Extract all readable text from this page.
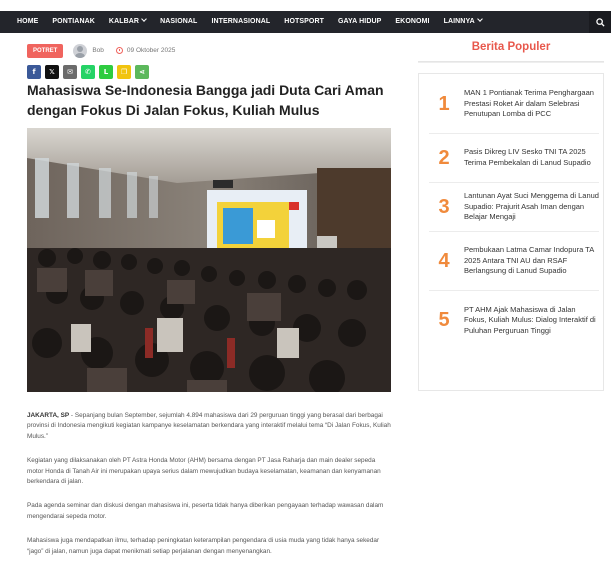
HOME	PONTIANAK	KALBAR	NASIONAL	INTERNASIONAL	HOTSPORT	GAYA HIDUP	EKONOMI	LAINNYA
POTRET	Bob	09 Oktober 2025
f 𝕏 ✉ ✆ L ❐ ⋖
Mahasiswa Se-Indonesia Bangga jadi Duta Cari Aman dengan Fokus Di Jalan Fokus, Kuliah Mulus

JAKARTA, SP - Sepanjang bulan September, sejumlah 4.894 mahasiswa dari 29 perguruan tinggi yang berasal dari berbagai provinsi di Indonesia mengikuti kegiatan kampanye keselamatan berkendara yang interaktif melalui tema “Di Jalan Fokus, Kuliah Mulus.”

Kegiatan yang dilaksanakan oleh PT Astra Honda Motor (AHM) bersama dengan PT Jasa Raharja dan main dealer sepeda motor Honda di Tanah Air ini merupakan upaya serius dalam mewujudkan budaya keselamatan, keamanan dan kenyamanan berkendara di jalan.

Pada agenda seminar dan diskusi dengan mahasiswa ini, peserta tidak hanya diberikan pengayaan terhadap wawasan dalam mengendarai sepeda motor.

Mahasiswa juga mendapatkan ilmu, terhadap peningkatan keterampilan pengendara di usia muda yang tidak hanya sekedar “jago” di jalan, namun juga dapat menikmati setiap perjalanan dengan menyenangkan.

Berita Populer
1	MAN 1 Pontianak Terima Penghargaan Prestasi Roket Air dalam Selebrasi Penutupan Lomba di PCC
2	Pasis Dikreg LIV Sesko TNI TA 2025 Terima Pembekalan di Lanud Supadio
3	Lantunan Ayat Suci Menggema di Lanud Supadio: Prajurit Asah Iman dengan Belajar Mengaji
4	Pembukaan Latma Camar Indopura TA 2025 Antara TNI AU dan RSAF Berlangsung di Lanud Supadio
5	PT AHM Ajak Mahasiswa di Jalan Fokus, Kuliah Mulus: Dialog Interaktif di Puluhan Perguruan Tinggi
